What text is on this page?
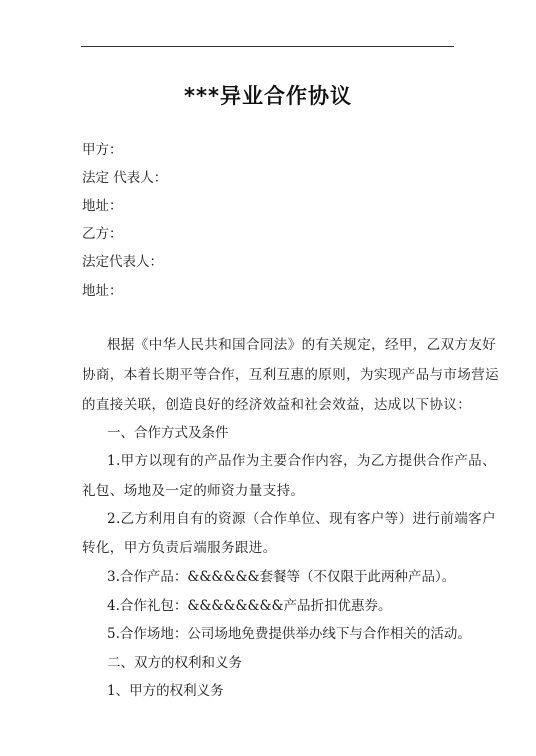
***异业合作协议
甲方：
法定 代表人：
地址：
乙方：
法定代表人：
地址：
根据《中华人民共和国合同法》的有关规定，经甲，乙双方友好
协商，本着长期平等合作，互利互惠的原则，为实现产品与市场营运
的直接关联，创造良好的经济效益和社会效益，达成以下协议：
一、合作方式及条件
1.甲方以现有的产品作为主要合作内容，为乙方提供合作产品、
礼包、场地及一定的师资力量支持。
2.乙方利用自有的资源（合作单位、现有客户等）进行前端客户
转化，甲方负责后端服务跟进。
3.合作产品：&&&&&&套餐等（不仅限于此两种产品）。
4.合作礼包：&&&&&&&&产品折扣优惠券。
5.合作场地：公司场地免费提供举办线下与合作相关的活动。
二、双方的权利和义务
1、甲方的权利义务
